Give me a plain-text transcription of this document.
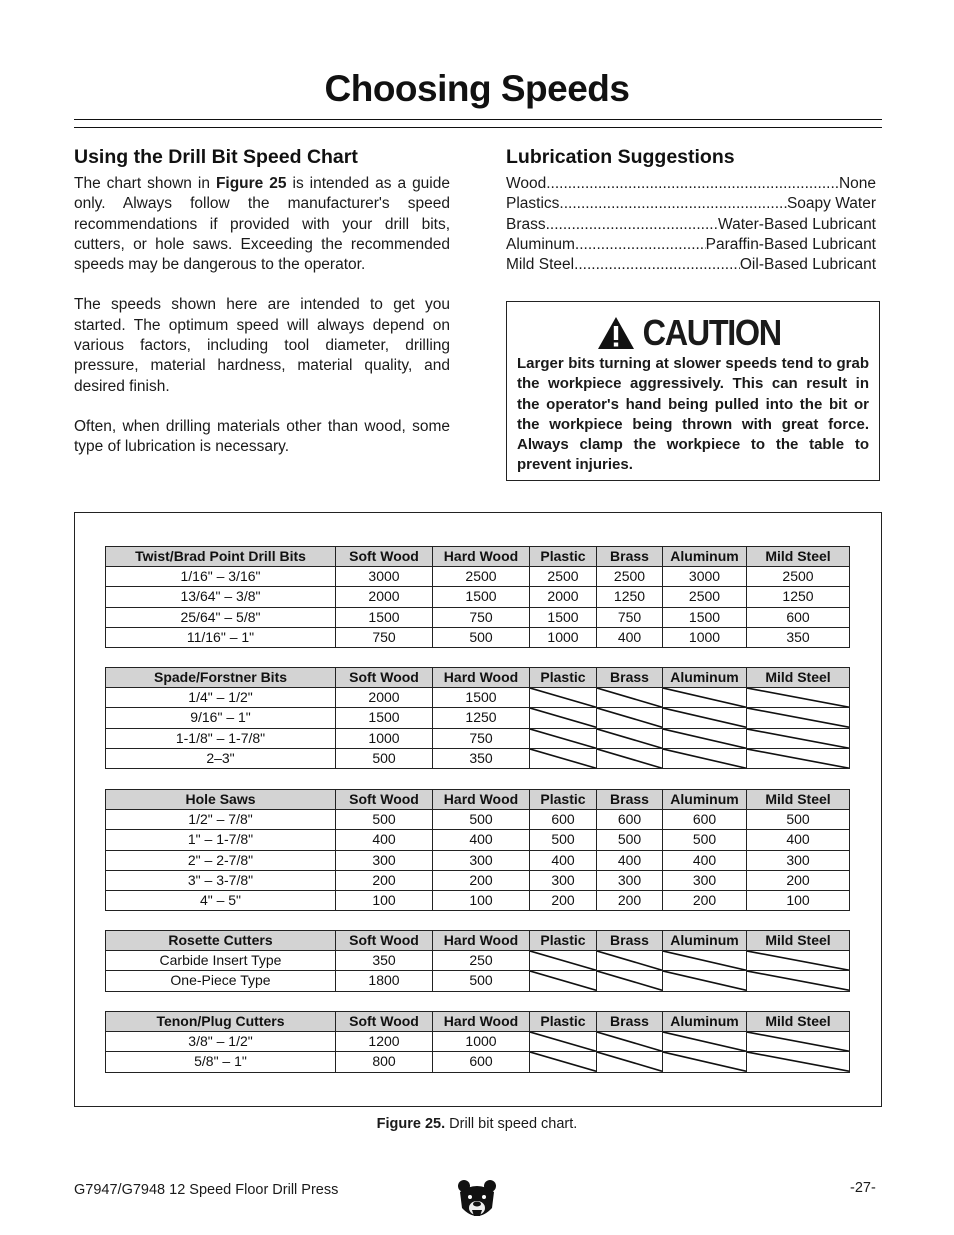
Choosing Speeds
Using the Drill Bit Speed Chart

The chart shown in Figure 25 is intended as a guide only. Always follow the manufacturer's speed recommendations if provided with your drill bits, cutters, or hole saws. Exceeding the recommended speeds may be dangerous to the operator.

The speeds shown here are intended to get you started. The optimum speed will always depend on various factors, including tool diameter, drilling pressure, material hardness, material quality, and desired finish.

Often, when drilling materials other than wood, some type of lubrication is necessary.

Lubrication Suggestions
Wood .....	None
Plastics .....	Soapy Water
Brass .....	Water-Based Lubricant
Aluminum .....	Paraffin-Based Lubricant
Mild Steel .....	Oil-Based Lubricant
CAUTION
Larger bits turning at slower speeds tend to grab the workpiece aggressively. This can result in the operator's hand being pulled into the bit or the workpiece being thrown with great force. Always clamp the workpiece to the table to prevent injuries.
Twist/Brad Point Drill Bits	Soft Wood	Hard Wood	Plastic	Brass	Aluminum	Mild Steel
1/16" – 3/16"	3000	2500	2500	2500	3000	2500
13/64" – 3/8"	2000	1500	2000	1250	2500	1250
25/64" – 5/8"	1500	750	1500	750	1500	600
11/16" – 1"	750	500	1000	400	1000	350
Spade/Forstner Bits	Soft Wood	Hard Wood	Plastic	Brass	Aluminum	Mild Steel
1/4" – 1/2"	2000	1500	

9/16" – 1"	1500	1250	

1-1/8" – 1-7/8"	1000	750	

2–3"	500	350	

Hole Saws	Soft Wood	Hard Wood	Plastic	Brass	Aluminum	Mild Steel
1/2" – 7/8"	500	500	600	600	600	500
1" – 1-7/8"	400	400	500	500	500	400
2" – 2-7/8"	300	300	400	400	400	300
3" – 3-7/8"	200	200	300	300	300	200
4" – 5"	100	100	200	200	200	100
Rosette Cutters	Soft Wood	Hard Wood	Plastic	Brass	Aluminum	Mild Steel
Carbide Insert Type	350	250	

One-Piece Type	1800	500	

Tenon/Plug Cutters	Soft Wood	Hard Wood	Plastic	Brass	Aluminum	Mild Steel
3/8" – 1/2"	1200	1000	

5/8" – 1"	800	600	

Figure 25. Drill bit speed chart.
G7947/G7948 12 Speed Floor Drill Press	-27-
